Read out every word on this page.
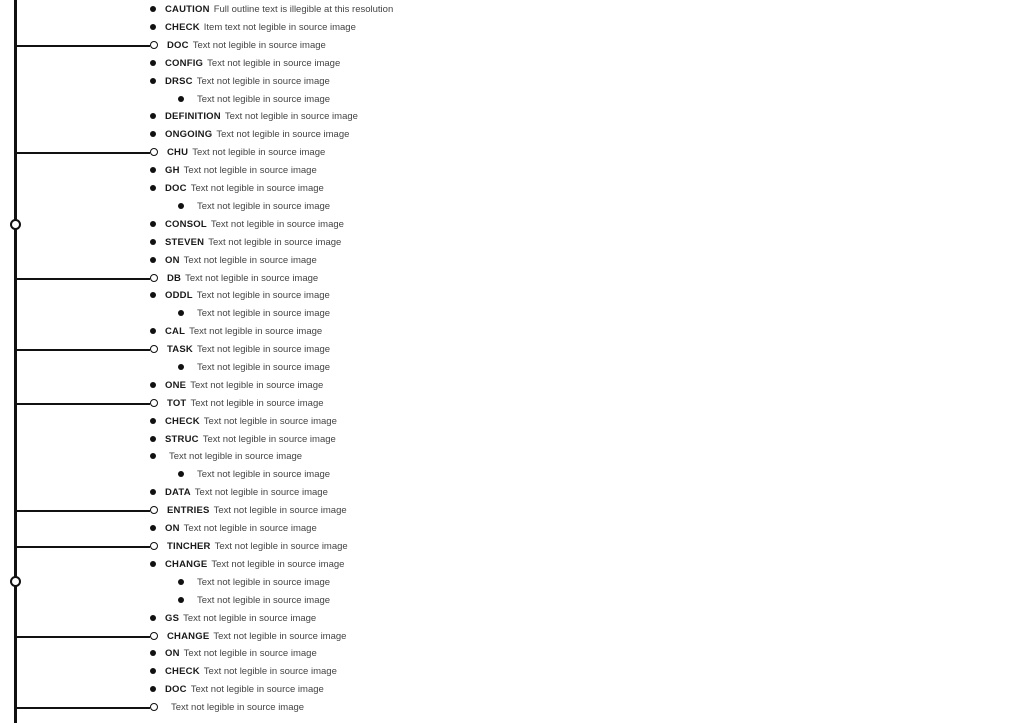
CAUTION Full outline text is illegible at this resolution
CHECK Item text not legible in source image
DOC Text not legible in source image
CONFIG Text not legible in source image
DRSC Text not legible in source image
Text not legible in source image
DEFINITION Text not legible in source image
ONGOING Text not legible in source image
CHU Text not legible in source image
GH Text not legible in source image
DOC Text not legible in source image
Text not legible in source image
CONSOL Text not legible in source image
STEVEN Text not legible in source image
ON Text not legible in source image
DB Text not legible in source image
ODDL Text not legible in source image
Text not legible in source image
CAL Text not legible in source image
TASK Text not legible in source image
Text not legible in source image
ONE Text not legible in source image
TOT Text not legible in source image
CHECK Text not legible in source image
STRUC Text not legible in source image
Text not legible in source image
Text not legible in source image
DATA Text not legible in source image
ENTRIES Text not legible in source image
ON Text not legible in source image
TINCHER Text not legible in source image
CHANGE Text not legible in source image
Text not legible in source image
Text not legible in source image
GS Text not legible in source image
CHANGE Text not legible in source image
ON Text not legible in source image
CHECK Text not legible in source image
DOC Text not legible in source image
Text not legible in source image
